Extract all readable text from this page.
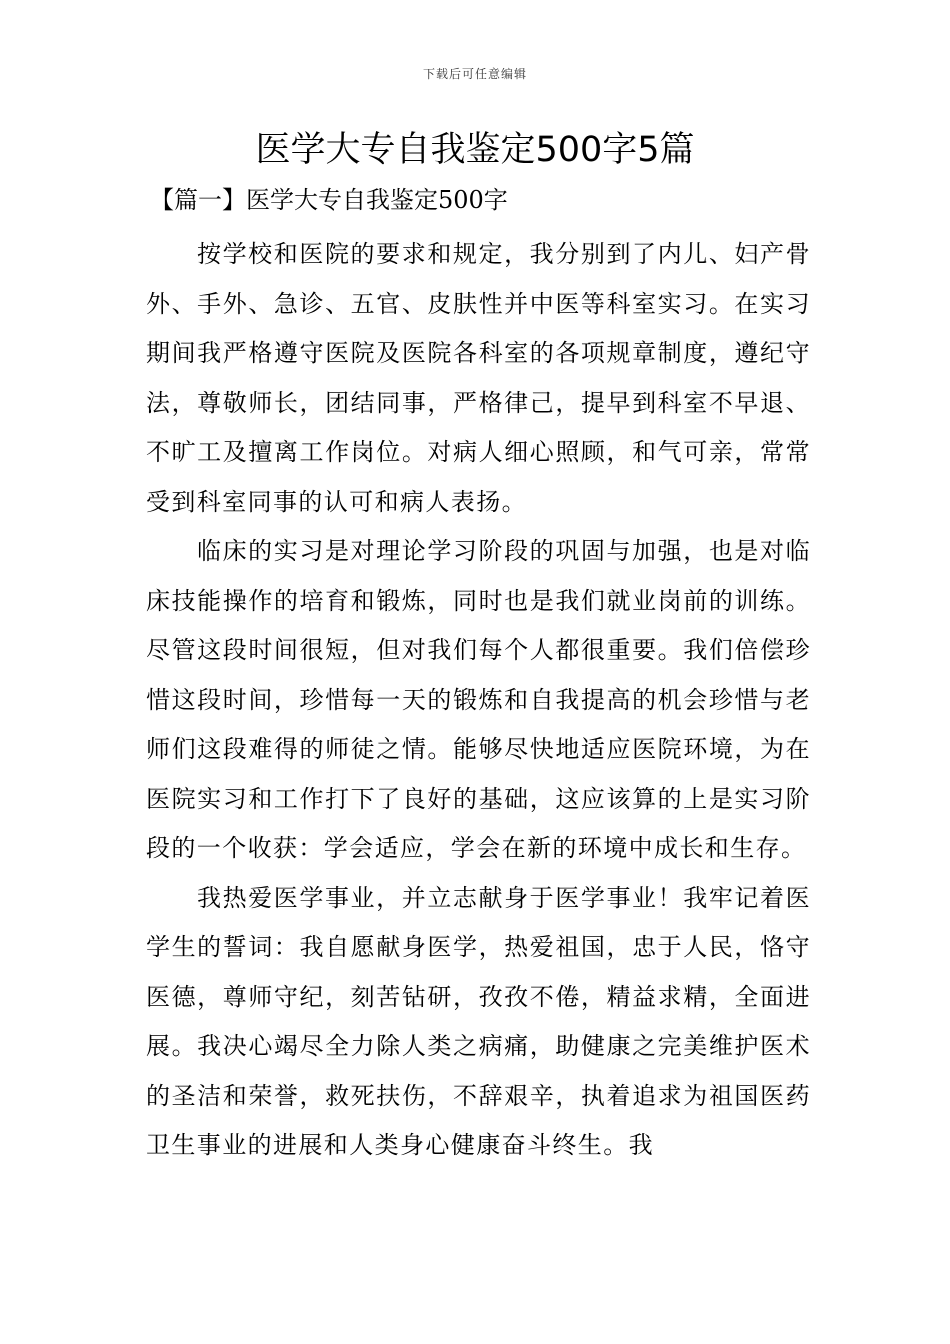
下载后可任意编辑
医学大专自我鉴定500字5篇
【篇一】医学大专自我鉴定500字

按学校和医院的要求和规定，我分别到了内儿、妇产骨外、手外、急诊、五官、皮肤性并中医等科室实习。在实习期间我严格遵守医院及医院各科室的各项规章制度，遵纪守法，尊敬师长，团结同事，严格律己，提早到科室不早退、不旷工及擅离工作岗位。对病人细心照顾，和气可亲，常常受到科室同事的认可和病人表扬。

临床的实习是对理论学习阶段的巩固与加强，也是对临床技能操作的培育和锻炼，同时也是我们就业岗前的训练。尽管这段时间很短，但对我们每个人都很重要。我们倍偿珍惜这段时间，珍惜每一天的锻炼和自我提高的机会珍惜与老师们这段难得的师徒之情。能够尽快地适应医院环境，为在医院实习和工作打下了良好的基础，这应该算的上是实习阶段的一个收获：学会适应，学会在新的环境中成长和生存。

我热爱医学事业，并立志献身于医学事业！我牢记着医学生的誓词：我自愿献身医学，热爱祖国，忠于人民，恪守医德，尊师守纪，刻苦钻研，孜孜不倦，精益求精，全面进展。我决心竭尽全力除人类之病痛，助健康之完美维护医术的圣洁和荣誉，救死扶伤，不辞艰辛，执着追求为祖国医药卫生事业的进展和人类身心健康奋斗终生。我
